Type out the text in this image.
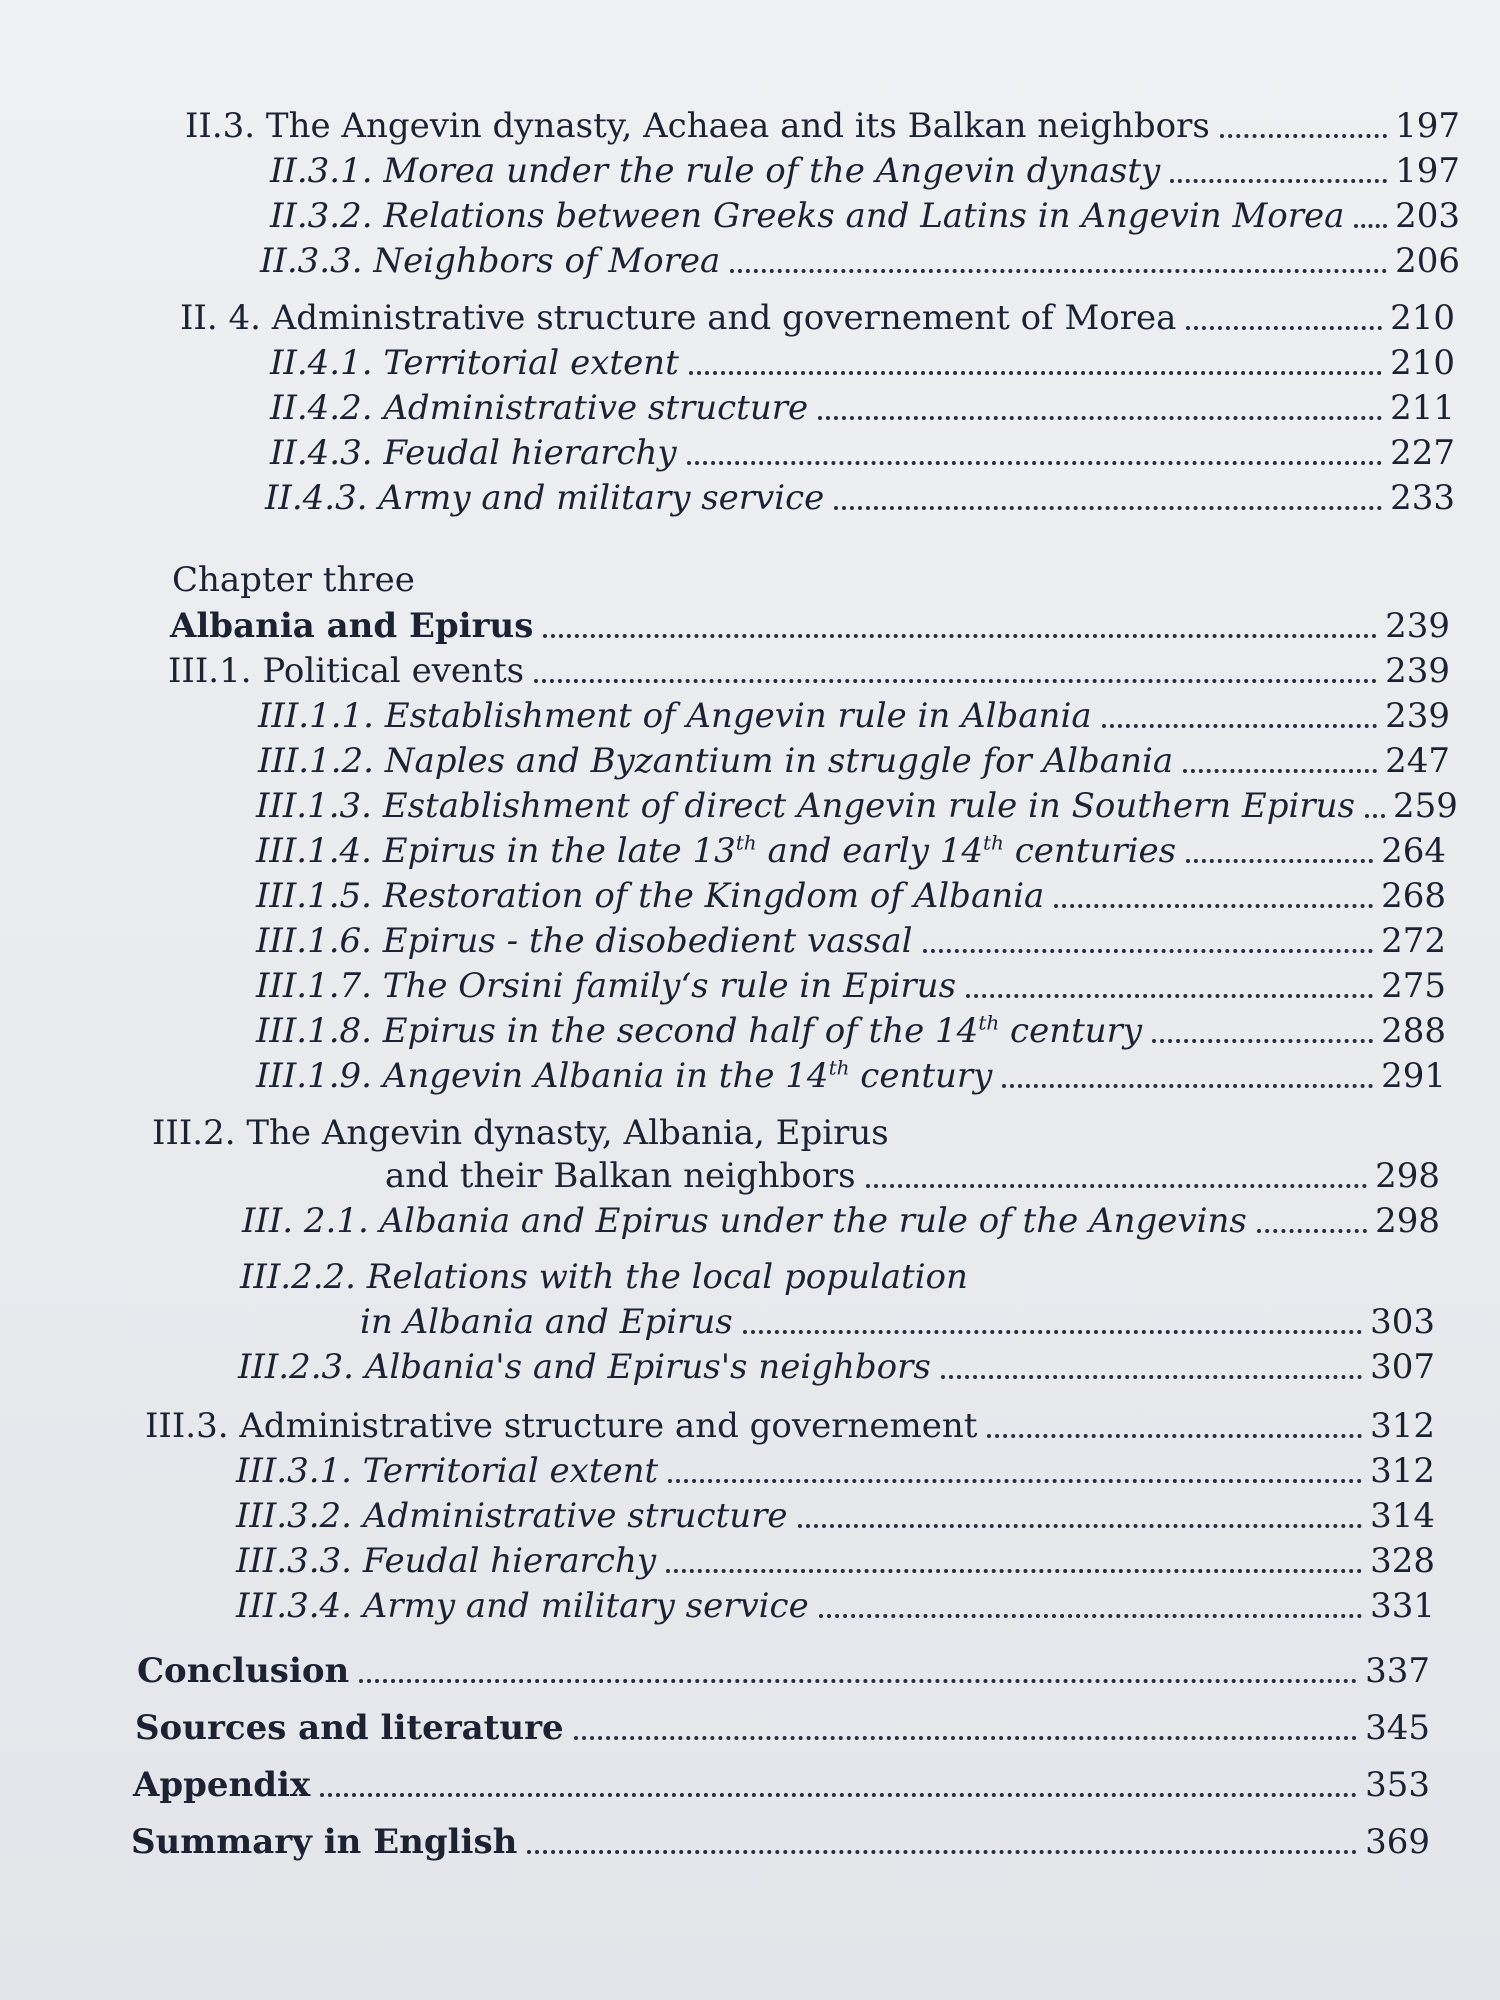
II.3. The Angevin dynasty, Achaea and its Balkan neighbors	197
II.3.1. Morea under the rule of the Angevin dynasty	197
II.3.2. Relations between Greeks and Latins in Angevin Morea 203
II.3.3. Neighbors of Morea	206
II. 4. Administrative structure and governement of Morea	210
II.4.1. Territorial extent	210
II.4.2. Administrative structure	211
II.4.3. Feudal hierarchy	227
II.4.3. Army and military service	233
Chapter three
Albania and Epirus	239
III.1. Political events	239
III.1.1. Establishment of Angevin rule in Albania	239
III.1.2. Naples and Byzantium in struggle for Albania	247
III.1.3. Establishment of direct Angevin rule in Southern Epirus 259
III.1.4. Epirus in the late 13th and early 14th centuries	264
III.1.5. Restoration of the Kingdom of Albania	268
III.1.6. Epirus - the disobedient vassal	272
III.1.7. The Orsini family‘s rule in Epirus	275
III.1.8. Epirus in the second half of the 14th century	288
III.1.9. Angevin Albania in the 14th century	291
III.2. The Angevin dynasty, Albania, Epirus
and their Balkan neighbors	298
III. 2.1. Albania and Epirus under the rule of the Angevins	298
III.2.2. Relations with the local population
in Albania and Epirus	303
III.2.3. Albania's and Epirus's neighbors	307
III.3. Administrative structure and governement	312
III.3.1. Territorial extent	312
III.3.2. Administrative structure	314
III.3.3. Feudal hierarchy	328
III.3.4. Army and military service	331
Conclusion	337
Sources and literature	345
Appendix	353
Summary in English	369
